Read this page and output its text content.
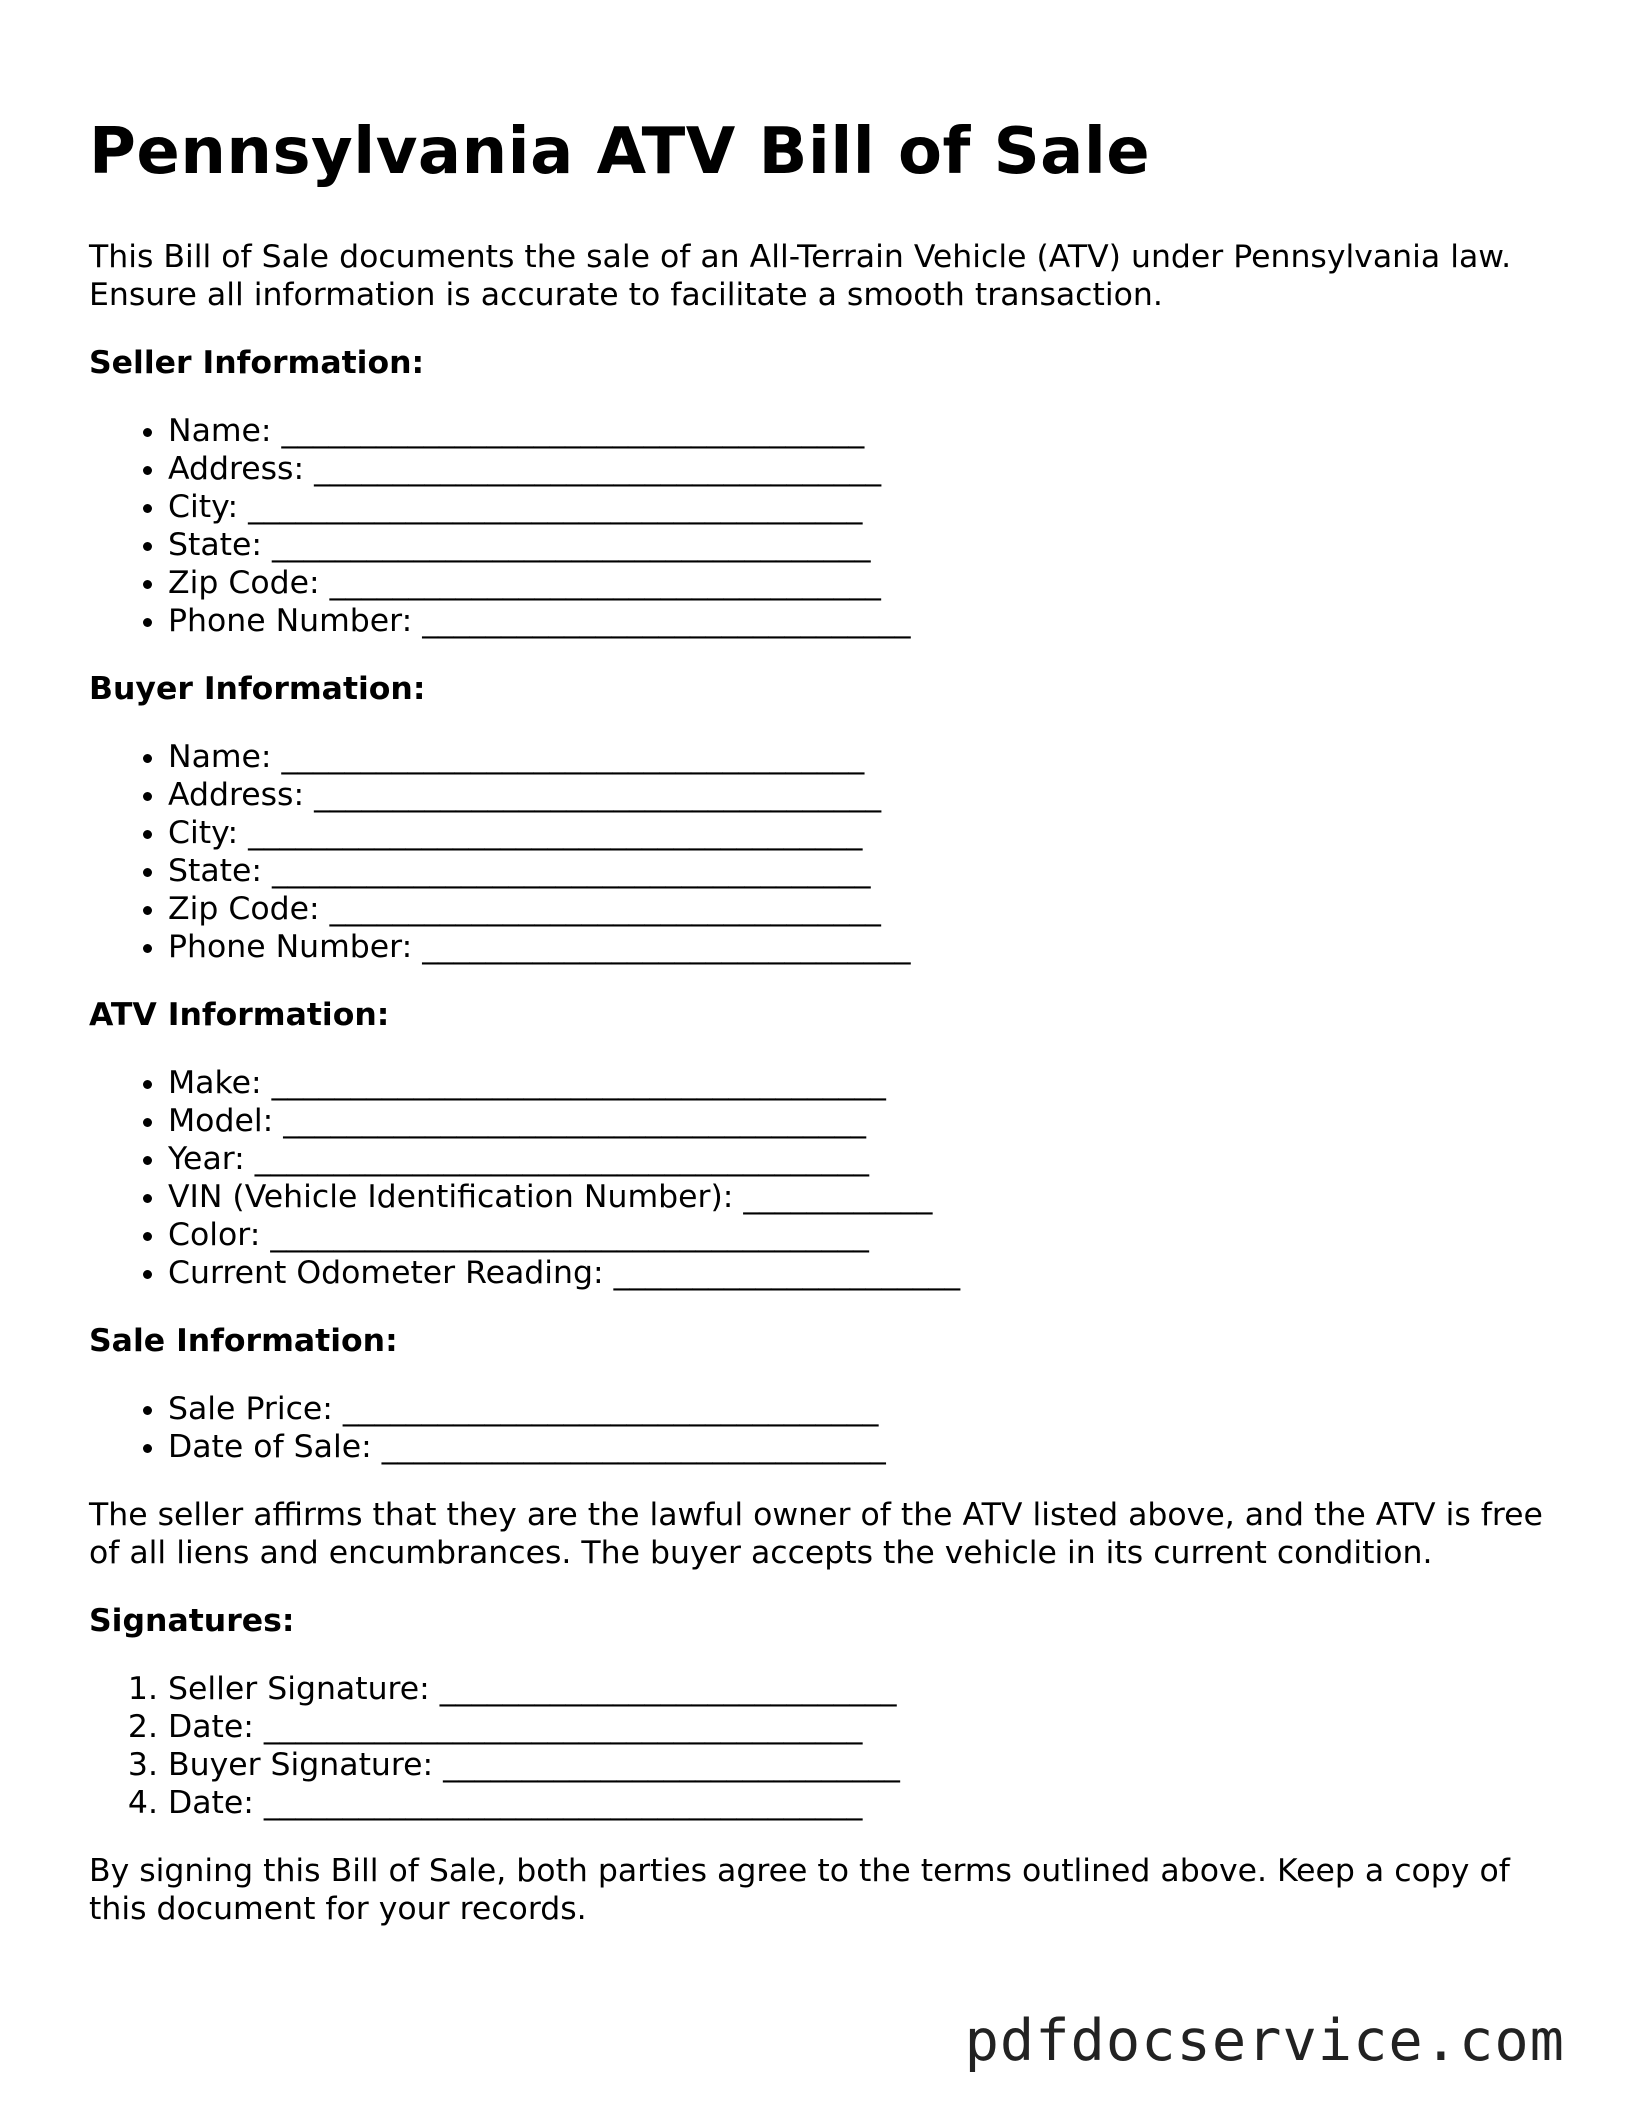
Pennsylvania ATV Bill of Sale

This Bill of Sale documents the sale of an All-Terrain Vehicle (ATV) under Pennsylvania law. Ensure all information is accurate to facilitate a smooth transaction.

Seller Information:
• Name: _____________________________________
• Address: ____________________________________
• City: _______________________________________
• State: ______________________________________
• Zip Code: ___________________________________
• Phone Number: _______________________________
Buyer Information:
• Name: _____________________________________
• Address: ____________________________________
• City: _______________________________________
• State: ______________________________________
• Zip Code: ___________________________________
• Phone Number: _______________________________
ATV Information:
• Make: _______________________________________
• Model: _____________________________________
• Year: _______________________________________
• VIN (Vehicle Identification Number): ____________
• Color: ______________________________________
• Current Odometer Reading: ______________________
Sale Information:
• Sale Price: __________________________________
• Date of Sale: ________________________________

The seller affirms that they are the lawful owner of the ATV listed above, and the ATV is free of all liens and encumbrances. The buyer accepts the vehicle in its current condition.

Signatures:
1. Seller Signature: _____________________________
2. Date: ______________________________________
3. Buyer Signature: _____________________________
4. Date: ______________________________________

By signing this Bill of Sale, both parties agree to the terms outlined above. Keep a copy of this document for your records.

pdfdocservice.com
